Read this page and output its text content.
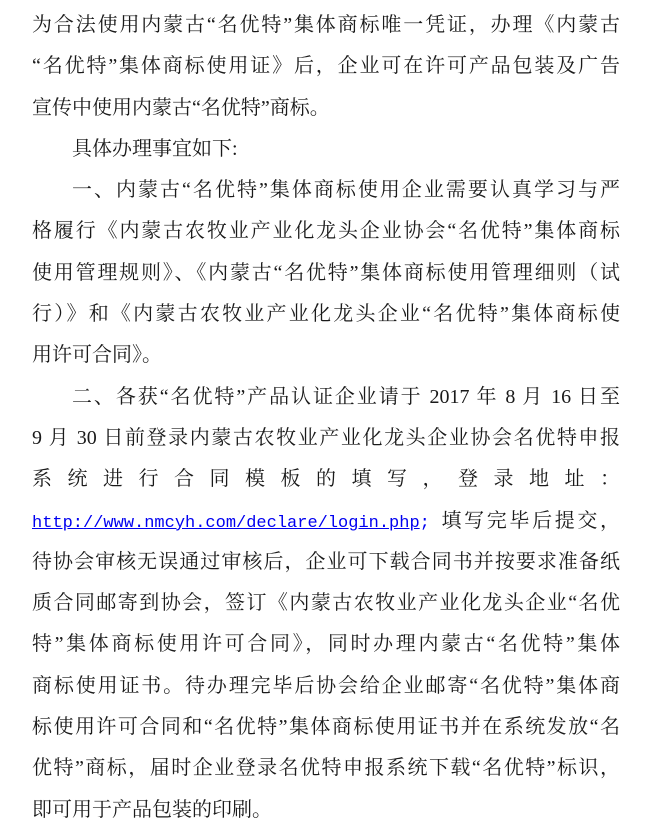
为合法使用内蒙古“名优特”集体商标唯一凭证，办理《内蒙古
“名优特”集体商标使用证》后，企业可在许可产品包装及广告
宣传中使用内蒙古“名优特”商标。
具体办理事宜如下:
一、内蒙古“名优特”集体商标使用企业需要认真学习与严
格履行《内蒙古农牧业产业化龙头企业协会“名优特”集体商标
使用管理规则》、《内蒙古“名优特”集体商标使用管理细则（试
行）》和《内蒙古农牧业产业化龙头企业“名优特”集体商标使
用许可合同》。
二、各获“名优特”产品认证企业请于 2017 年 8 月 16 日至
9 月 30 日前登录内蒙古农牧业产业化龙头企业协会名优特申报
系统进行合同模板的填写，登录地址：
http://www.nmcyh.com/declare/login.php; 填写完毕后提交，
待协会审核无误通过审核后，企业可下载合同书并按要求准备纸
质合同邮寄到协会，签订《内蒙古农牧业产业化龙头企业“名优
特”集体商标使用许可合同》，同时办理内蒙古“名优特”集体
商标使用证书。待办理完毕后协会给企业邮寄“名优特”集体商
标使用许可合同和“名优特”集体商标使用证书并在系统发放“名
优特”商标，届时企业登录名优特申报系统下载“名优特”标识，
即可用于产品包装的印刷。
